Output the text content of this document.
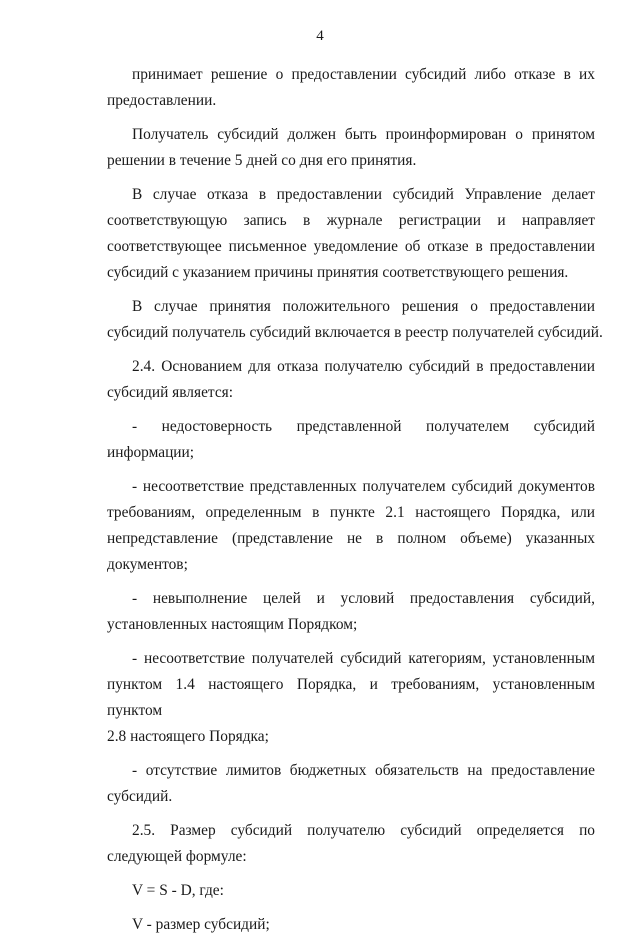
4
принимает решение о предоставлении субсидий либо отказе в их
предоставлении.
Получатель субсидий должен быть проинформирован о принятом
решении в течение 5 дней со дня его принятия.
В случае отказа в предоставлении субсидий Управление делает
соответствующую запись в журнале регистрации и направляет
соответствующее письменное уведомление об отказе в предоставлении
субсидий с указанием причины принятия соответствующего решения.
В случае принятия положительного решения о предоставлении
субсидий получатель субсидий включается в реестр получателей субсидий.
2.4. Основанием для отказа получателю субсидий в предоставлении
субсидий является:
- недостоверность представленной получателем субсидий
информации;
- несоответствие представленных получателем субсидий документов
требованиям, определенным в пункте 2.1 настоящего Порядка, или
непредставление (представление не в полном объеме) указанных
документов;
- невыполнение целей и условий предоставления субсидий,
установленных настоящим Порядком;
- несоответствие получателей субсидий категориям, установленным
пунктом 1.4 настоящего Порядка, и требованиям, установленным пунктом
2.8 настоящего Порядка;
- отсутствие лимитов бюджетных обязательств на предоставление
субсидий.
2.5. Размер субсидий получателю субсидий определяется по
следующей формуле:
V = S - D, где:
V - размер субсидий;
